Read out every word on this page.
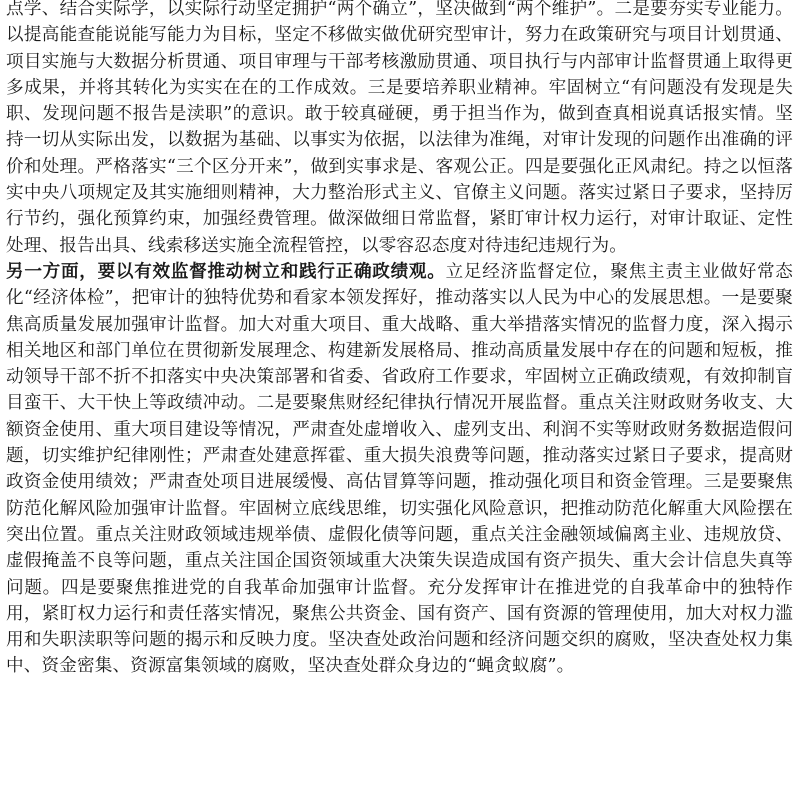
点学、结合实际学，以实际行动坚定拥护“两个确立”，坚决做到“两个维护”。二是要夯实专业能力。以提高能查能说能写能力为目标，坚定不移做实做优研究型审计，努力在政策研究与项目计划贯通、项目实施与大数据分析贯通、项目审理与干部考核激励贯通、项目执行与内部审计监督贯通上取得更多成果，并将其转化为实实在在的工作成效。三是要培养职业精神。牢固树立“有问题没有发现是失职、发现问题不报告是渎职”的意识。敢于较真碰硬，勇于担当作为，做到查真相说真话报实情。坚持一切从实际出发，以数据为基础、以事实为依据，以法律为准绳，对审计发现的问题作出准确的评价和处理。严格落实“三个区分开来”，做到实事求是、客观公正。四是要强化正风肃纪。持之以恒落实中央八项规定及其实施细则精神，大力整治形式主义、官僚主义问题。落实过紧日子要求，坚持厉行节约，强化预算约束，加强经费管理。做深做细日常监督，紧盯审计权力运行，对审计取证、定性处理、报告出具、线索移送实施全流程管控，以零容忍态度对待违纪违规行为。

另一方面，要以有效监督推动树立和践行正确政绩观。立足经济监督定位，聚焦主责主业做好常态化“经济体检”，把审计的独特优势和看家本领发挥好，推动落实以人民为中心的发展思想。一是要聚焦高质量发展加强审计监督。加大对重大项目、重大战略、重大举措落实情况的监督力度，深入揭示相关地区和部门单位在贯彻新发展理念、构建新发展格局、推动高质量发展中存在的问题和短板，推动领导干部不折不扣落实中央决策部署和省委、省政府工作要求，牢固树立正确政绩观，有效抑制盲目蛮干、大干快上等政绩冲动。二是要聚焦财经纪律执行情况开展监督。重点关注财政财务收支、大额资金使用、重大项目建设等情况，严肃查处虚增收入、虚列支出、利润不实等财政财务数据造假问题，切实维护纪律刚性；严肃查处建意挥霍、重大损失浪费等问题，推动落实过紧日子要求，提高财政资金使用绩效；严肃查处项目进展缓慢、高估冒算等问题，推动强化项目和资金管理。三是要聚焦防范化解风险加强审计监督。牢固树立底线思维，切实强化风险意识，把推动防范化解重大风险摆在突出位置。重点关注财政领域违规举债、虚假化债等问题，重点关注金融领域偏离主业、违规放贷、虚假掩盖不良等问题，重点关注国企国资领域重大决策失误造成国有资产损失、重大会计信息失真等问题。四是要聚焦推进党的自我革命加强审计监督。充分发挥审计在推进党的自我革命中的独特作用，紧盯权力运行和责任落实情况，聚焦公共资金、国有资产、国有资源的管理使用，加大对权力滥用和失职渎职等问题的揭示和反映力度。坚决查处政治问题和经济问题交织的腐败，坚决查处权力集中、资金密集、资源富集领域的腐败，坚决查处群众身边的“蝇贪蚁腐”。
